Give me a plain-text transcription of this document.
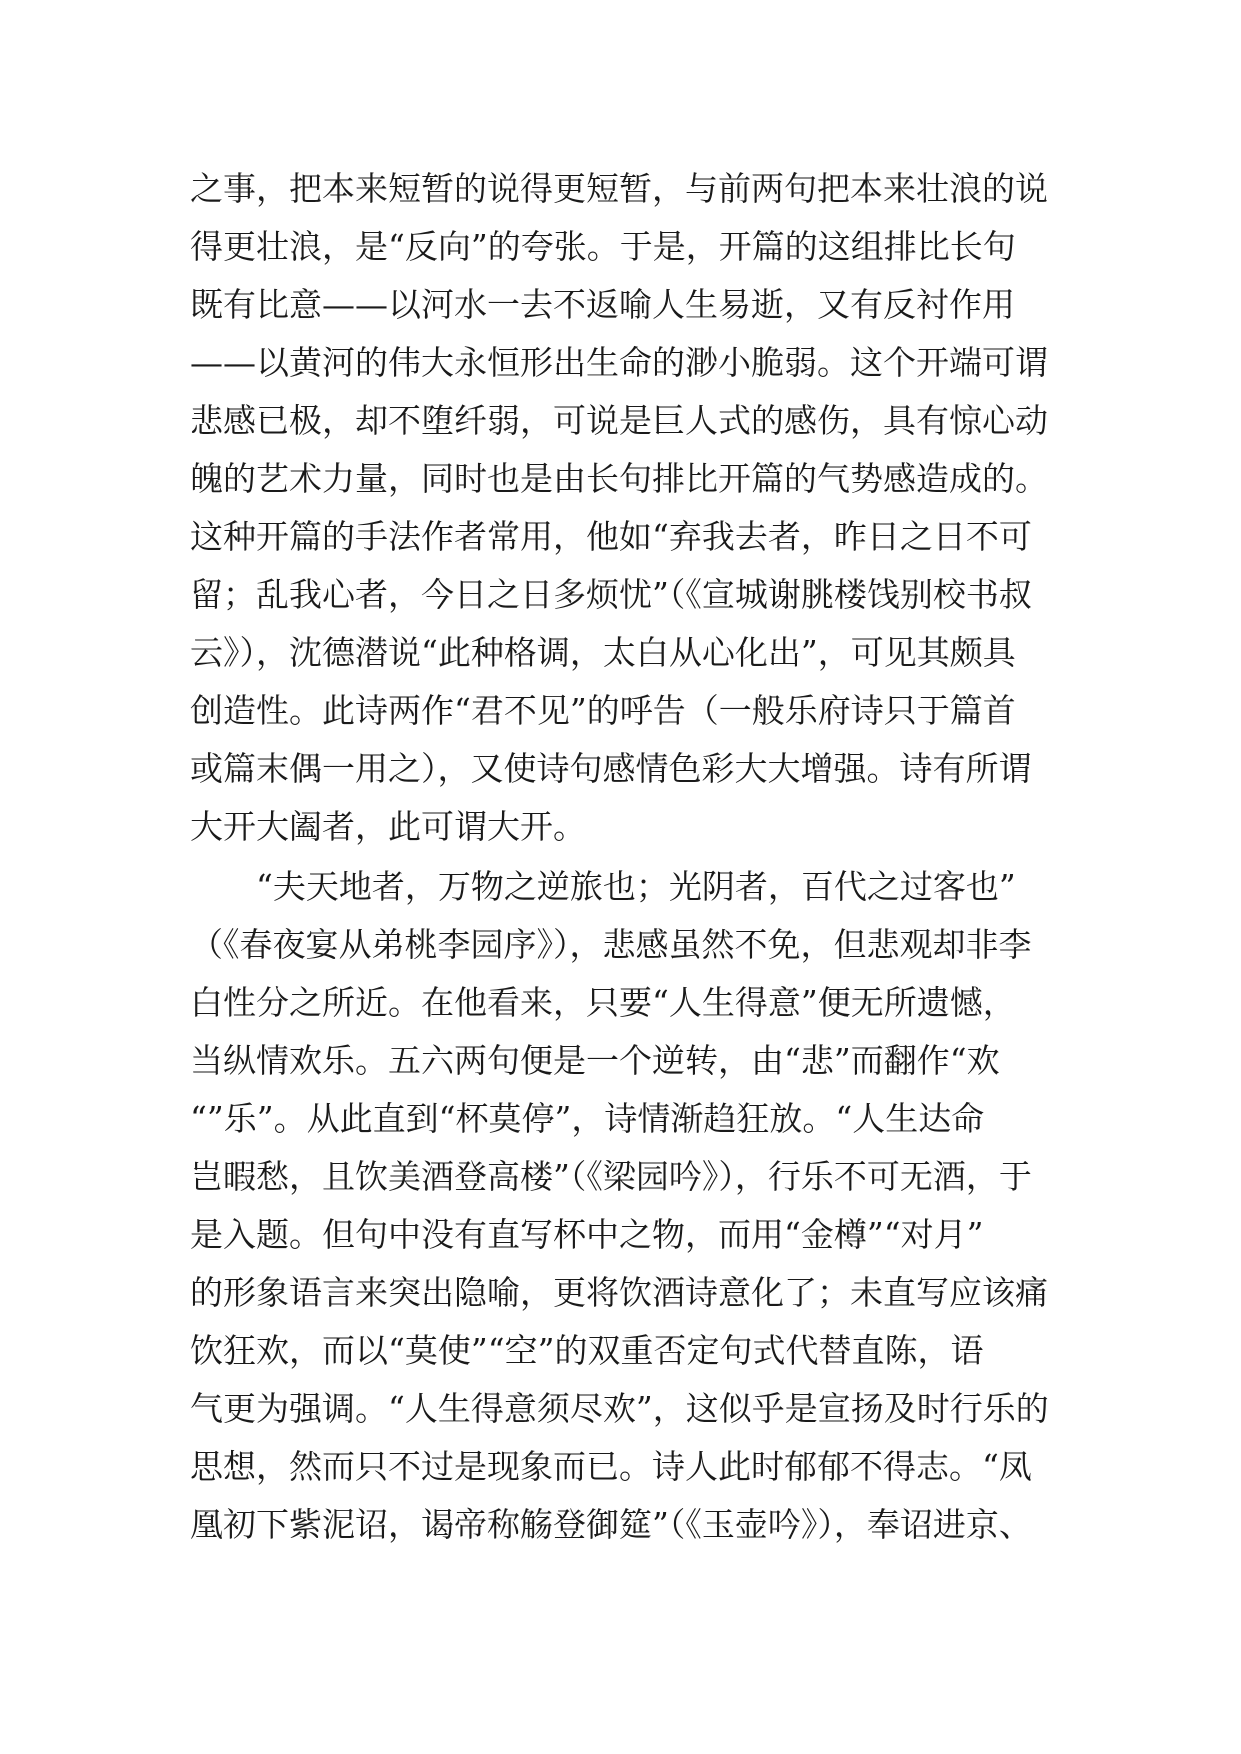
之事，把本来短暂的说得更短暂，与前两句把本来壮浪的说
得更壮浪，是“反向”的夸张。于是，开篇的这组排比长句
既有比意——以河水一去不返喻人生易逝，又有反衬作用
——以黄河的伟大永恒形出生命的渺小脆弱。这个开端可谓
悲感已极，却不堕纤弱，可说是巨人式的感伤，具有惊心动
魄的艺术力量，同时也是由长句排比开篇的气势感造成的。
这种开篇的手法作者常用，他如“弃我去者，昨日之日不可
留；乱我心者，今日之日多烦忧”（《宣城谢朓楼饯别校书叔
云》），沈德潜说“此种格调，太白从心化出”，可见其颇具
创造性。此诗两作“君不见”的呼告（一般乐府诗只于篇首
或篇末偶一用之），又使诗句感情色彩大大增强。诗有所谓
大开大阖者，此可谓大开。
　　“夫天地者，万物之逆旅也；光阴者，百代之过客也”
（《春夜宴从弟桃李园序》），悲感虽然不免，但悲观却非李
白性分之所近。在他看来，只要“人生得意”便无所遗憾，
当纵情欢乐。五六两句便是一个逆转，由“悲”而翻作“欢
“”乐”。从此直到“杯莫停”，诗情渐趋狂放。“人生达命
岂暇愁，且饮美酒登高楼”（《梁园吟》），行乐不可无酒，于
是入题。但句中没有直写杯中之物，而用“金樽”“对月”
的形象语言来突出隐喻，更将饮酒诗意化了；未直写应该痛
饮狂欢，而以“莫使”“空”的双重否定句式代替直陈，语
气更为强调。“人生得意须尽欢”，这似乎是宣扬及时行乐的
思想，然而只不过是现象而已。诗人此时郁郁不得志。“凤
凰初下紫泥诏，谒帝称觞登御筵”（《玉壶吟》），奉诏进京、
